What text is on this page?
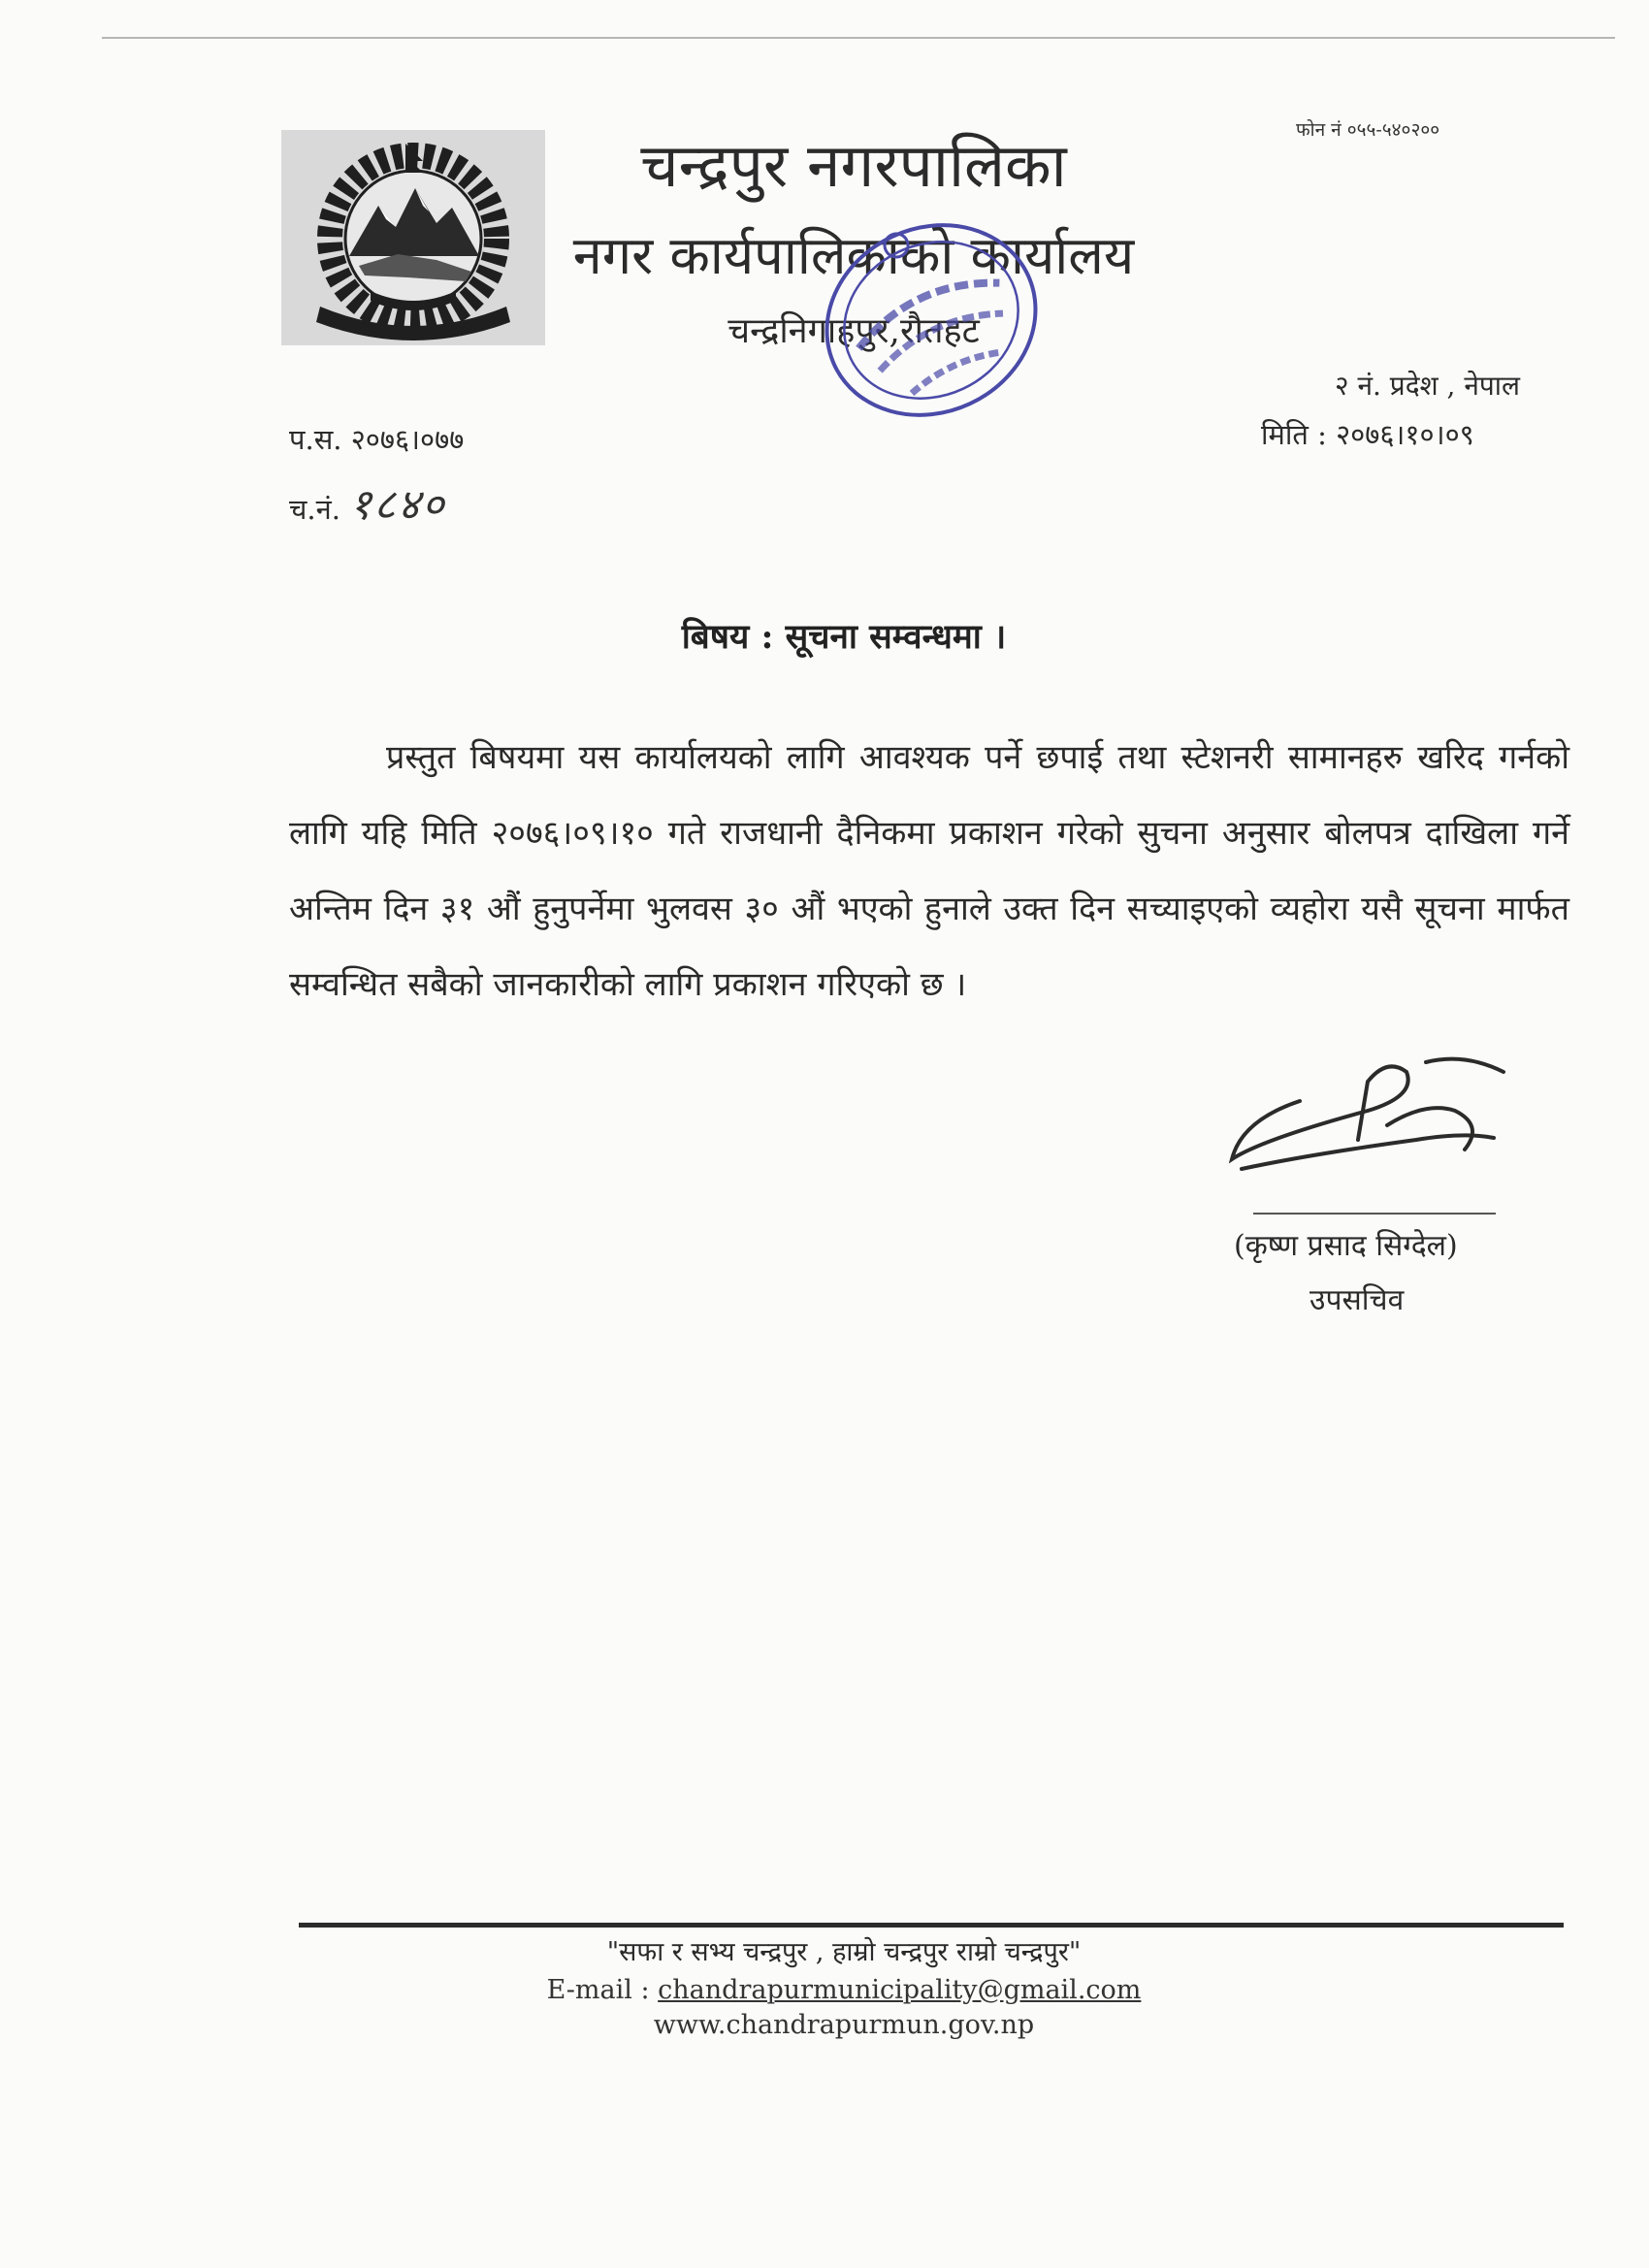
फोन नं ०५५-५४०२००
चन्द्रपुर नगरपालिका
नगर कार्यपालिकाको कार्यालय
चन्द्रनिगाहपुर,रौतहट
२ नं. प्रदेश , नेपाल
मिति : २०७६।१०।०९
प.स. २०७६।०७७
च.नं. १८४०
बिषय : सूचना सम्वन्धमा ।
प्रस्तुत बिषयमा यस कार्यालयको लागि आवश्यक पर्ने छपाई तथा स्टेशनरी सामानहरु खरिद गर्नको लागि यहि मिति २०७६।०९।१० गते राजधानी दैनिकमा प्रकाशन गरेको सुचना अनुसार बोलपत्र दाखिला गर्ने अन्तिम दिन ३१ औं हुनुपर्नेमा भुलवस ३० औं भएको हुनाले उक्त दिन सच्याइएको व्यहोरा यसै सूचना मार्फत सम्वन्धित सबैको जानकारीको लागि प्रकाशन गरिएको छ ।
(कृष्ण प्रसाद सिग्देल)
उपसचिव
"सफा र सभ्य चन्द्रपुर , हाम्रो चन्द्रपुर राम्रो चन्द्रपुर"
E-mail : chandrapurmunicipality@gmail.com
www.chandrapurmun.gov.np
